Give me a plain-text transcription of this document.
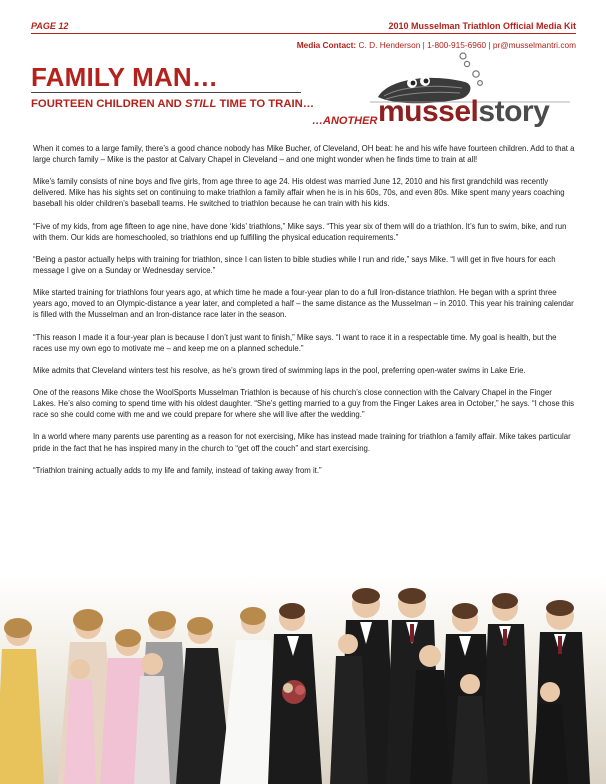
PAGE 12	2010 Musselman Triathlon Official Media Kit
Media Contact: C. D. Henderson | 1-800-915-6960 | pr@musselmantri.com
FAMILY MAN…
FOURTEEN CHILDREN AND STILL TIME TO TRAIN…
…ANOTHER musselstory

When it comes to a large family, there’s a good chance nobody has Mike Bucher, of Cleveland, OH beat: he and his wife have fourteen children. Add to that a large church family – Mike is the pastor at Calvary Chapel in Cleveland – and one might wonder when he finds time to train at all!

Mike’s family consists of nine boys and five girls, from age three to age 24. His oldest was married June 12, 2010 and his first grandchild was recently delivered. Mike has his sights set on continuing to make triathlon a family affair when he is in his 60s, 70s, and even 80s. Mike spent many years coaching baseball his older children’s baseball teams. He switched to triathlon because he can train with his kids.

“Five of my kids, from age fifteen to age nine, have done ‘kids’ triathlons,” Mike says. “This year six of them will do a triathlon. It’s fun to swim, bike, and run with them. Our kids are homeschooled, so triathlons end up fulfilling the physical education requirements.”

“Being a pastor actually helps with training for triathlon, since I can listen to bible studies while I run and ride,” says Mike. “I will get in five hours for each message I give on a Sunday or Wednesday service.”

Mike started training for triathlons four years ago, at which time he made a four-year plan to do a full Iron-distance triathlon. He began with a sprint three years ago, moved to an Olympic-distance a year later, and completed a half – the same distance as the Musselman – in 2010. This year his training calendar is filled with the Musselman and an Iron-distance race later in the season.

“This reason I made it a four-year plan is because I don’t just want to finish,” Mike says. “I want to race it in a respectable time. My goal is health, but the races use my own ego to motivate me – and keep me on a planned schedule.”

Mike admits that Cleveland winters test his resolve, as he’s grown tired of swimming laps in the pool, preferring open-water swims in Lake Erie.

One of the reasons Mike chose the WoolSports Musselman Triathlon is because of his church’s close connection with the Calvary Chapel in the Finger Lakes. He’s also coming to spend time with his oldest daughter. “She’s getting married to a guy from the Finger Lakes area in October,” he says. “I chose this race so she could come with me and we could prepare for where she will live after the wedding.”

In a world where many parents use parenting as a reason for not exercising, Mike has instead made training for triathlon a family affair. Mike takes particular pride in the fact that he has inspired many in the church to “get off the couch” and start exercising.

“Triathlon training actually adds to my life and family, instead of taking away from it.”
